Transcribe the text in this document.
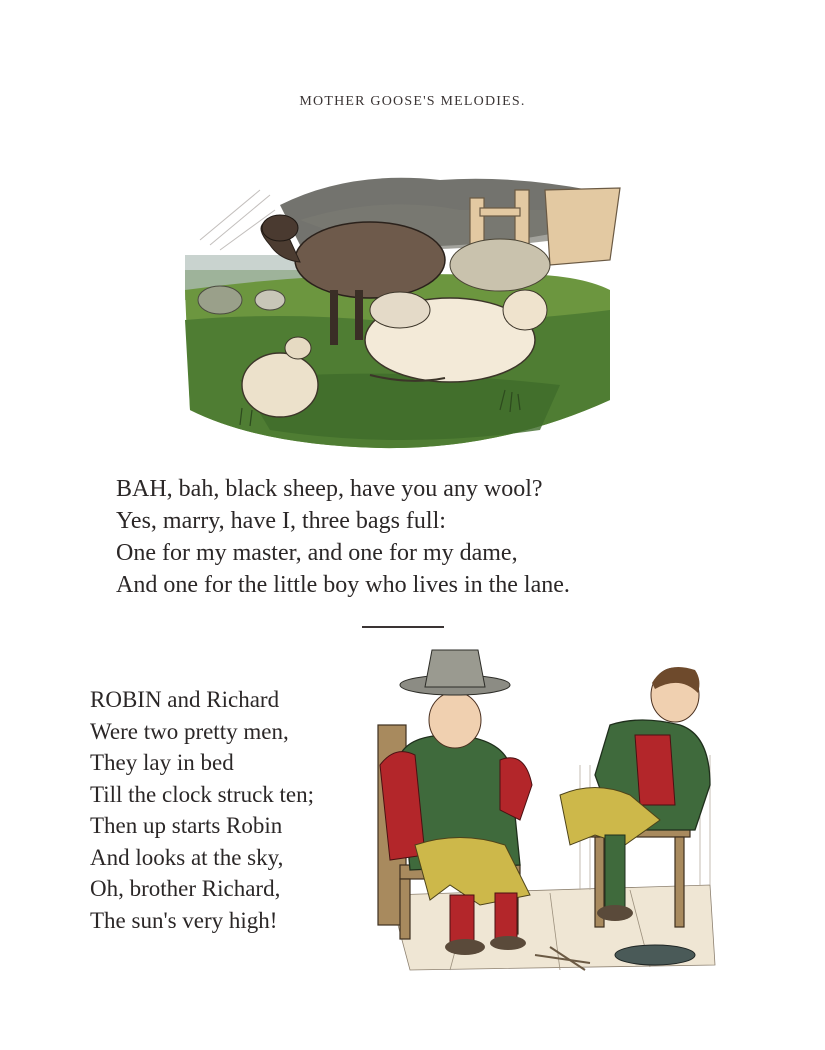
MOTHER GOOSE'S MELODIES.
BAH, bah, black sheep, have you any wool?
Yes, marry, have I, three bags full:
One for my master, and one for my dame,
And one for the little boy who lives in the lane.
ROBIN and Richard
Were two pretty men,
They lay in bed
Till the clock struck ten;
Then up starts Robin
And looks at the sky,
Oh, brother Richard,
The sun's very high!
